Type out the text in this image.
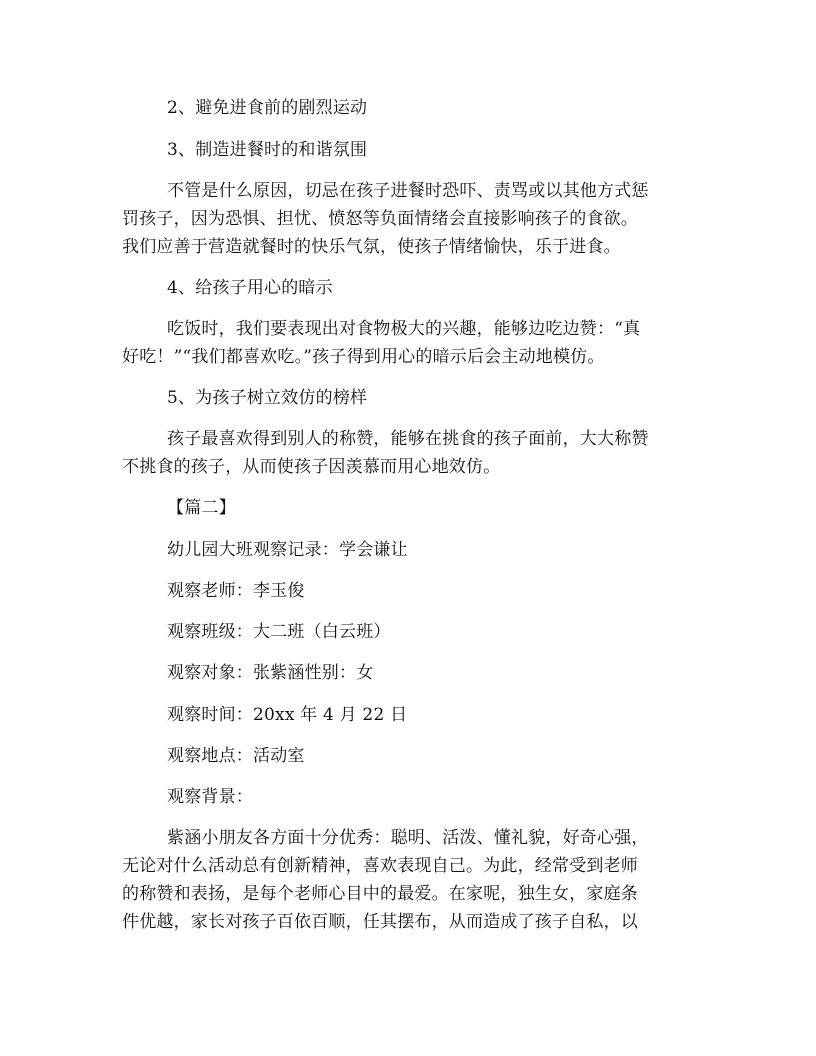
2、避免进食前的剧烈运动
3、制造进餐时的和谐氛围
不管是什么原因，切忌在孩子进餐时恐吓、责骂或以其他方式惩
罚孩子，因为恐惧、担忧、愤怒等负面情绪会直接影响孩子的食欲。
我们应善于营造就餐时的快乐气氛，使孩子情绪愉快，乐于进食。
4、给孩子用心的暗示
吃饭时，我们要表现出对食物极大的兴趣，能够边吃边赞：“真
好吃！”“我们都喜欢吃。”孩子得到用心的暗示后会主动地模仿。
5、为孩子树立效仿的榜样
孩子最喜欢得到别人的称赞，能够在挑食的孩子面前，大大称赞
不挑食的孩子，从而使孩子因羡慕而用心地效仿。
【篇二】
幼儿园大班观察记录：学会谦让
观察老师：李玉俊
观察班级：大二班（白云班）
观察对象：张紫涵性别：女
观察时间：20xx 年 4 月 22 日
观察地点：活动室
观察背景：
紫涵小朋友各方面十分优秀：聪明、活泼、懂礼貌，好奇心强，
无论对什么活动总有创新精神，喜欢表现自己。为此，经常受到老师
的称赞和表扬，是每个老师心目中的最爱。在家呢，独生女，家庭条
件优越，家长对孩子百依百顺，任其摆布，从而造成了孩子自私，以
